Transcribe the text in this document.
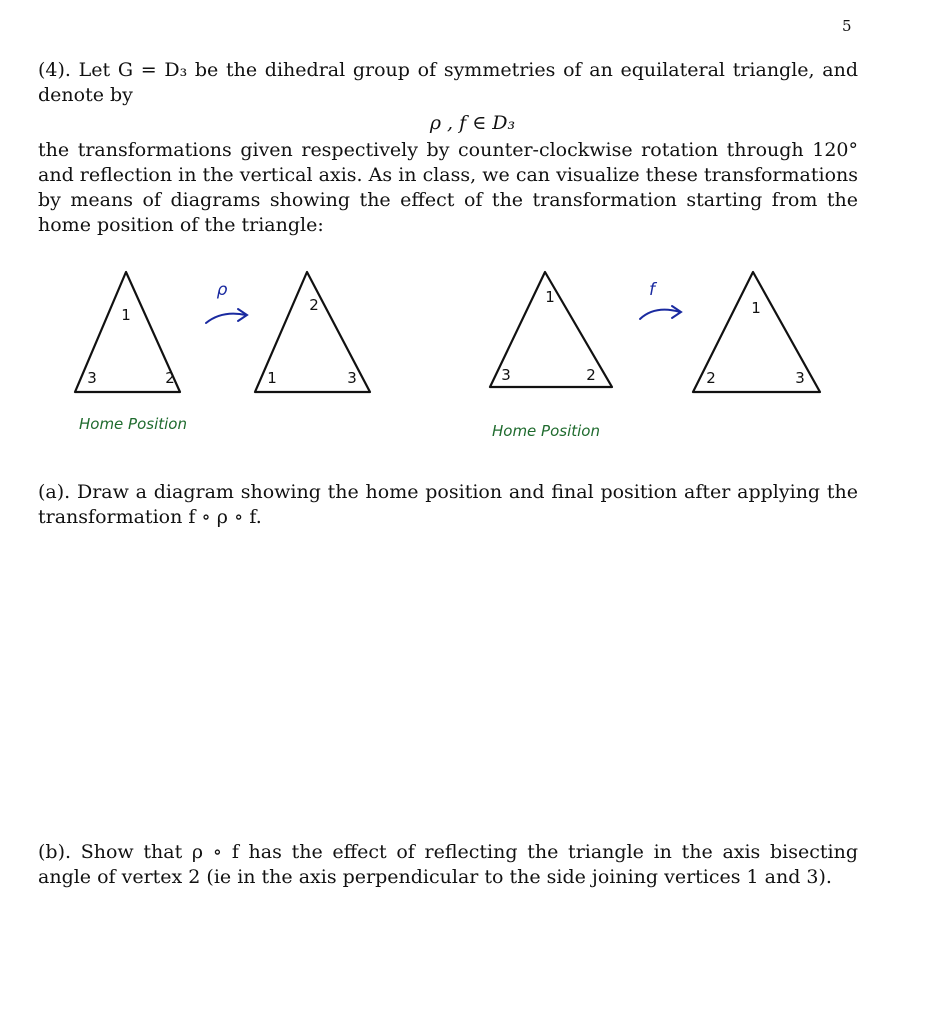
5
(4). Let G = D₃ be the dihedral group of symmetries of an equilateral triangle, and denote by
ρ , f ∈ D₃
the transformations given respectively by counter-clockwise rotation through 120° and reflection in the vertical axis. As in class, we can visualize these transformations by means of diagrams showing the effect of the transformation starting from the home position of the triangle:
ρ	f
1
3	2
2
1	3
1
3	2
1
2	3
Home Position	Home Position
(a). Draw a diagram showing the home position and final position after applying the transformation f ∘ ρ ∘ f.
(b). Show that ρ ∘ f has the effect of reflecting the triangle in the axis bisecting angle of vertex 2 (ie in the axis perpendicular to the side joining vertices 1 and 3).
